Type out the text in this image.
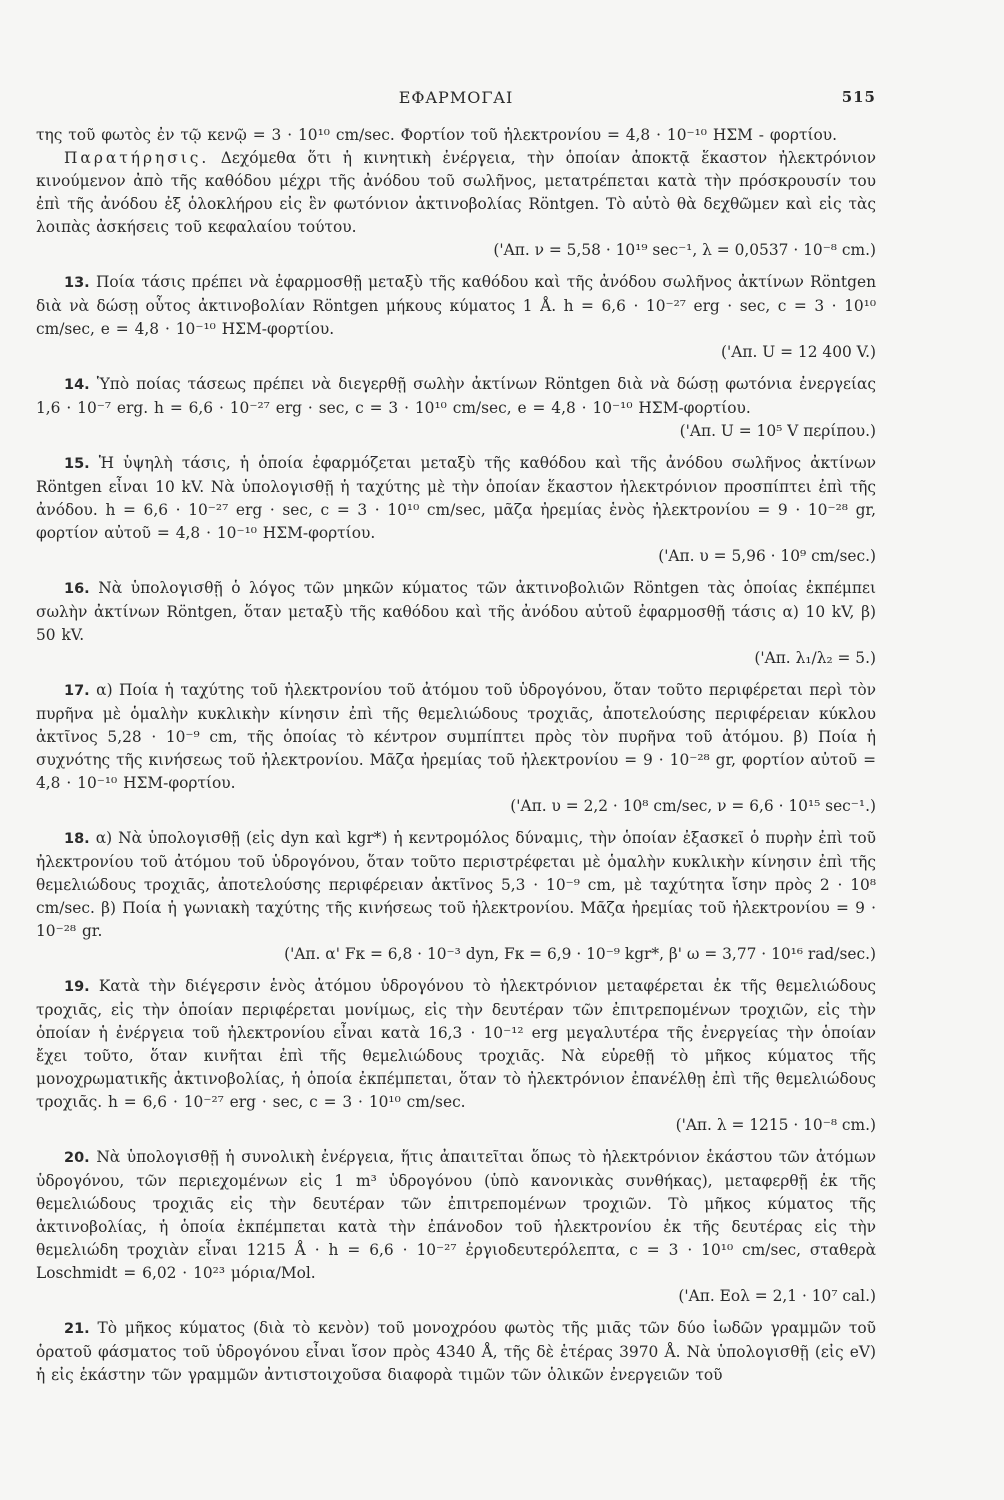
ΕΦΑΡΜΟΓΑΙ	515

της τοῦ φωτὸς ἐν τῷ κενῷ = 3 · 10¹⁰ cm/sec. Φορτίον τοῦ ἠλεκτρονίου = 4,8 · 10⁻¹⁰ ΗΣΜ - φορτίου.

Παρατήρησις. Δεχόμεθα ὅτι ἡ κινητικὴ ἐνέργεια, τὴν ὁποίαν ἀποκτᾷ ἕκαστον ἠλεκτρόνιον κινούμενον ἀπὸ τῆς καθόδου μέχρι τῆς ἀνόδου τοῦ σωλῆνος, μετατρέπεται κατὰ τὴν πρόσκρουσίν του ἐπὶ τῆς ἀνόδου ἐξ ὁλοκλήρου εἰς ἓν φωτόνιον ἀκτινοβολίας Röntgen. Τὸ αὐτὸ θὰ δεχθῶμεν καὶ εἰς τὰς λοιπὰς ἀσκήσεις τοῦ κεφαλαίου τούτου.

('Απ. ν = 5,58 · 10¹⁹ sec⁻¹, λ = 0,0537 · 10⁻⁸ cm.)

13. Ποία τάσις πρέπει νὰ ἐφαρμοσθῇ μεταξὺ τῆς καθόδου καὶ τῆς ἀνόδου σωλῆνος ἀκτίνων Röntgen διὰ νὰ δώσῃ οὗτος ἀκτινοβολίαν Röntgen μήκους κύματος 1 Å. h = 6,6 · 10⁻²⁷ erg · sec, c = 3 · 10¹⁰ cm/sec, e = 4,8 · 10⁻¹⁰ ΗΣΜ-φορτίου.

('Απ. U = 12 400 V.)

14. Ὑπὸ ποίας τάσεως πρέπει νὰ διεγερθῇ σωλὴν ἀκτίνων Röntgen διὰ νὰ δώσῃ φωτόνια ἐνεργείας 1,6 · 10⁻⁷ erg. h = 6,6 · 10⁻²⁷ erg · sec, c = 3 · 10¹⁰ cm/sec, e = 4,8 · 10⁻¹⁰ ΗΣΜ-φορτίου.

('Απ. U = 10⁵ V περίπου.)

15. Ἡ ὑψηλὴ τάσις, ἡ ὁποία ἐφαρμόζεται μεταξὺ τῆς καθόδου καὶ τῆς ἀνόδου σωλῆνος ἀκτίνων Röntgen εἶναι 10 kV. Νὰ ὑπολογισθῇ ἡ ταχύτης μὲ τὴν ὁποίαν ἕκαστον ἠλεκτρόνιον προσπίπτει ἐπὶ τῆς ἀνόδου. h = 6,6 · 10⁻²⁷ erg · sec, c = 3 · 10¹⁰ cm/sec, μᾶζα ἠρεμίας ἑνὸς ἠλεκτρονίου = 9 · 10⁻²⁸ gr, φορτίον αὐτοῦ = 4,8 · 10⁻¹⁰ ΗΣΜ-φορτίου.

('Απ. υ = 5,96 · 10⁹ cm/sec.)

16. Νὰ ὑπολογισθῇ ὁ λόγος τῶν μηκῶν κύματος τῶν ἀκτινοβολιῶν Röntgen τὰς ὁποίας ἐκπέμπει σωλὴν ἀκτίνων Röntgen, ὅταν μεταξὺ τῆς καθόδου καὶ τῆς ἀνόδου αὐτοῦ ἐφαρμοσθῇ τάσις α) 10 kV, β) 50 kV.

('Απ. λ₁/λ₂ = 5.)

17. α) Ποία ἡ ταχύτης τοῦ ἠλεκτρονίου τοῦ ἀτόμου τοῦ ὑδρογόνου, ὅταν τοῦτο περιφέρεται περὶ τὸν πυρῆνα μὲ ὁμαλὴν κυκλικὴν κίνησιν ἐπὶ τῆς θεμελιώδους τροχιᾶς, ἀποτελούσης περιφέρειαν κύκλου ἀκτῖνος 5,28 · 10⁻⁹ cm, τῆς ὁποίας τὸ κέντρον συμπίπτει πρὸς τὸν πυρῆνα τοῦ ἀτόμου. β) Ποία ἡ συχνότης τῆς κινήσεως τοῦ ἠλεκτρονίου. Μᾶζα ἠρεμίας τοῦ ἠλεκτρονίου = 9 · 10⁻²⁸ gr, φορτίον αὐτοῦ = 4,8 · 10⁻¹⁰ ΗΣΜ-φορτίου.

('Απ. υ = 2,2 · 10⁸ cm/sec, ν = 6,6 · 10¹⁵ sec⁻¹.)

18. α) Νὰ ὑπολογισθῇ (εἰς dyn καὶ kgr*) ἡ κεντρομόλος δύναμις, τὴν ὁποίαν ἐξασκεῖ ὁ πυρὴν ἐπὶ τοῦ ἠλεκτρονίου τοῦ ἀτόμου τοῦ ὑδρογόνου, ὅταν τοῦτο περιστρέφεται μὲ ὁμαλὴν κυκλικὴν κίνησιν ἐπὶ τῆς θεμελιώδους τροχιᾶς, ἀποτελούσης περιφέρειαν ἀκτῖνος 5,3 · 10⁻⁹ cm, μὲ ταχύτητα ἴσην πρὸς 2 · 10⁸ cm/sec. β) Ποία ἡ γωνιακὴ ταχύτης τῆς κινήσεως τοῦ ἠλεκτρονίου. Μᾶζα ἠρεμίας τοῦ ἠλεκτρονίου = 9 · 10⁻²⁸ gr.

('Απ. α' Fκ = 6,8 · 10⁻³ dyn, Fκ = 6,9 · 10⁻⁹ kgr*, β' ω = 3,77 · 10¹⁶ rad/sec.)

19. Κατὰ τὴν διέγερσιν ἑνὸς ἀτόμου ὑδρογόνου τὸ ἠλεκτρόνιον μεταφέρεται ἐκ τῆς θεμελιώδους τροχιᾶς, εἰς τὴν ὁποίαν περιφέρεται μονίμως, εἰς τὴν δευτέραν τῶν ἐπιτρεπομένων τροχιῶν, εἰς τὴν ὁποίαν ἡ ἐνέργεια τοῦ ἠλεκτρονίου εἶναι κατὰ 16,3 · 10⁻¹² erg μεγαλυτέρα τῆς ἐνεργείας τὴν ὁποίαν ἔχει τοῦτο, ὅταν κινῆται ἐπὶ τῆς θεμελιώδους τροχιᾶς. Νὰ εὑρεθῇ τὸ μῆκος κύματος τῆς μονοχρωματικῆς ἀκτινοβολίας, ἡ ὁποία ἐκπέμπεται, ὅταν τὸ ἠλεκτρόνιον ἐπανέλθῃ ἐπὶ τῆς θεμελιώδους τροχιᾶς. h = 6,6 · 10⁻²⁷ erg · sec, c = 3 · 10¹⁰ cm/sec.

('Απ. λ = 1215 · 10⁻⁸ cm.)

20. Νὰ ὑπολογισθῇ ἡ συνολικὴ ἐνέργεια, ἥτις ἀπαιτεῖται ὅπως τὸ ἠλεκτρόνιον ἑκάστου τῶν ἀτόμων ὑδρογόνου, τῶν περιεχομένων εἰς 1 m³ ὑδρογόνου (ὑπὸ κανονικὰς συνθήκας), μεταφερθῇ ἐκ τῆς θεμελιώδους τροχιᾶς εἰς τὴν δευτέραν τῶν ἐπιτρεπομένων τροχιῶν. Τὸ μῆκος κύματος τῆς ἀκτινοβολίας, ἡ ὁποία ἐκπέμπεται κατὰ τὴν ἐπάνοδον τοῦ ἠλεκτρονίου ἐκ τῆς δευτέρας εἰς τὴν θεμελιώδη τροχιὰν εἶναι 1215 Å · h = 6,6 · 10⁻²⁷ ἐργιοδευτερόλεπτα, c = 3 · 10¹⁰ cm/sec, σταθερὰ Loschmidt = 6,02 · 10²³ μόρια/Mol.

('Απ. Eολ = 2,1 · 10⁷ cal.)

21. Τὸ μῆκος κύματος (διὰ τὸ κενὸν) τοῦ μονοχρόου φωτὸς τῆς μιᾶς τῶν δύο ἰωδῶν γραμμῶν τοῦ ὁρατοῦ φάσματος τοῦ ὑδρογόνου εἶναι ἴσον πρὸς 4340 Å, τῆς δὲ ἑτέρας 3970 Å. Νὰ ὑπολογισθῇ (εἰς eV) ἡ εἰς ἑκάστην τῶν γραμμῶν ἀντιστοιχοῦσα διαφορὰ τιμῶν τῶν ὁλικῶν ἐνεργειῶν τοῦ
